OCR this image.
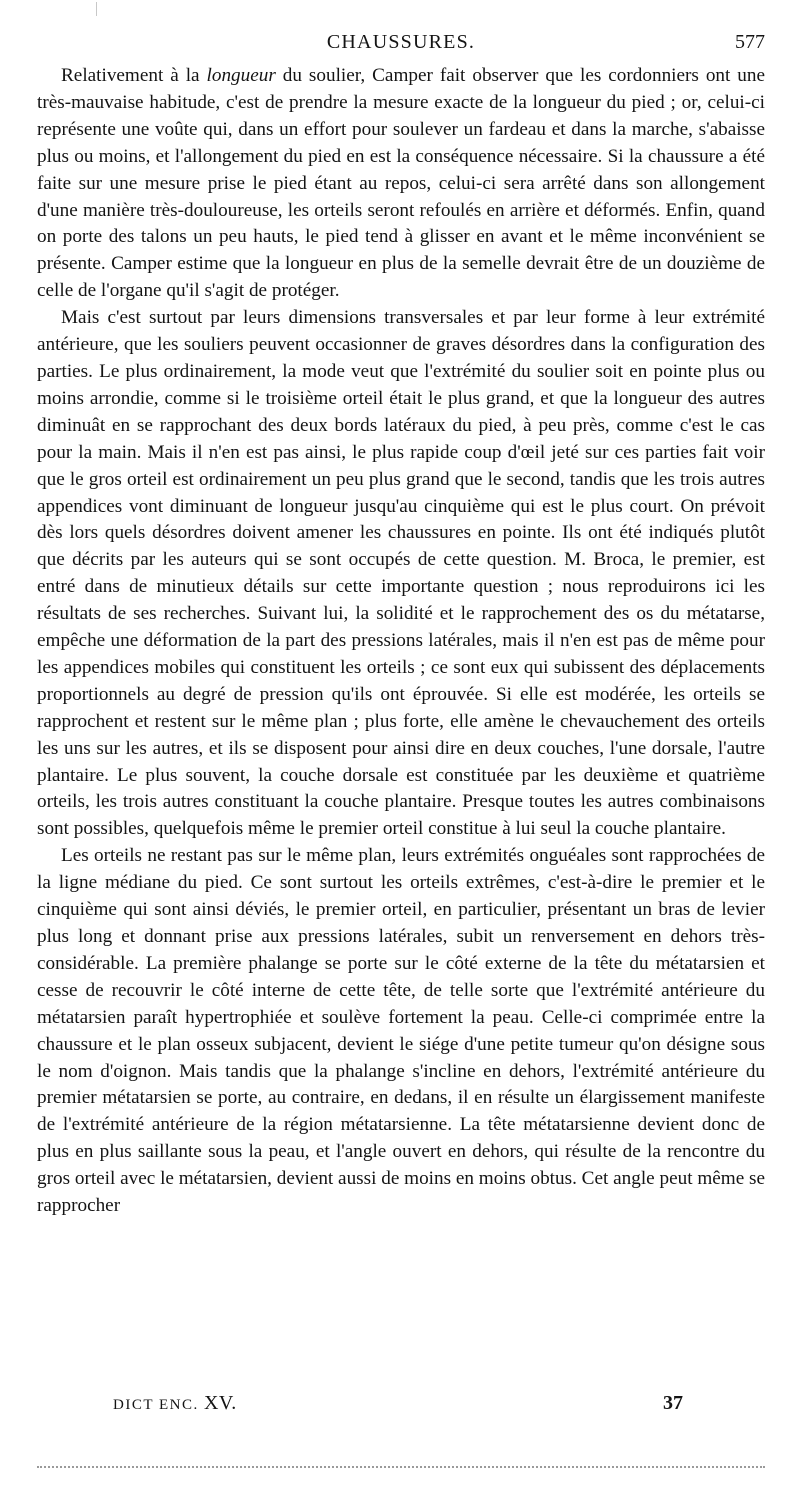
CHAUSSURES.	577

Relativement à la longueur du soulier, Camper fait observer que les cordonniers ont une très-mauvaise habitude, c'est de prendre la mesure exacte de la longueur du pied ; or, celui-ci représente une voûte qui, dans un effort pour soulever un fardeau et dans la marche, s'abaisse plus ou moins, et l'allongement du pied en est la conséquence nécessaire. Si la chaussure a été faite sur une mesure prise le pied étant au repos, celui-ci sera arrêté dans son allongement d'une manière très-douloureuse, les orteils seront refoulés en arrière et déformés. Enfin, quand on porte des talons un peu hauts, le pied tend à glisser en avant et le même inconvénient se présente. Camper estime que la longueur en plus de la semelle devrait être de un douzième de celle de l'organe qu'il s'agit de protéger.

Mais c'est surtout par leurs dimensions transversales et par leur forme à leur extrémité antérieure, que les souliers peuvent occasionner de graves désordres dans la configuration des parties. Le plus ordinairement, la mode veut que l'extrémité du soulier soit en pointe plus ou moins arrondie, comme si le troisième orteil était le plus grand, et que la longueur des autres diminuât en se rapprochant des deux bords latéraux du pied, à peu près, comme c'est le cas pour la main. Mais il n'en est pas ainsi, le plus rapide coup d'œil jeté sur ces parties fait voir que le gros orteil est ordinairement un peu plus grand que le second, tandis que les trois autres appendices vont diminuant de longueur jusqu'au cinquième qui est le plus court. On prévoit dès lors quels désordres doivent amener les chaussures en pointe. Ils ont été indiqués plutôt que décrits par les auteurs qui se sont occupés de cette question. M. Broca, le premier, est entré dans de minutieux détails sur cette importante question ; nous reproduirons ici les résultats de ses recherches. Suivant lui, la solidité et le rapprochement des os du métatarse, empêche une déformation de la part des pressions latérales, mais il n'en est pas de même pour les appendices mobiles qui constituent les orteils ; ce sont eux qui subissent des déplacements proportionnels au degré de pression qu'ils ont éprouvée. Si elle est modérée, les orteils se rapprochent et restent sur le même plan ; plus forte, elle amène le chevauchement des orteils les uns sur les autres, et ils se disposent pour ainsi dire en deux couches, l'une dorsale, l'autre plantaire. Le plus souvent, la couche dorsale est constituée par les deuxième et quatrième orteils, les trois autres constituant la couche plantaire. Presque toutes les autres combinaisons sont possibles, quelquefois même le premier orteil constitue à lui seul la couche plantaire.

Les orteils ne restant pas sur le même plan, leurs extrémités onguéales sont rapprochées de la ligne médiane du pied. Ce sont surtout les orteils extrêmes, c'est-à-dire le premier et le cinquième qui sont ainsi déviés, le premier orteil, en particulier, présentant un bras de levier plus long et donnant prise aux pressions latérales, subit un renversement en dehors très-considérable. La première phalange se porte sur le côté externe de la tête du métatarsien et cesse de recouvrir le côté interne de cette tête, de telle sorte que l'extrémité antérieure du métatarsien paraît hypertrophiée et soulève fortement la peau. Celle-ci comprimée entre la chaussure et le plan osseux subjacent, devient le siége d'une petite tumeur qu'on désigne sous le nom d'oignon. Mais tandis que la phalange s'incline en dehors, l'extrémité antérieure du premier métatarsien se porte, au contraire, en dedans, il en résulte un élargissement manifeste de l'extrémité antérieure de la région métatarsienne. La tête métatarsienne devient donc de plus en plus saillante sous la peau, et l'angle ouvert en dehors, qui résulte de la rencontre du gros orteil avec le métatarsien, devient aussi de moins en moins obtus. Cet angle peut même se rapprocher

DICT ENC. XV.	37
